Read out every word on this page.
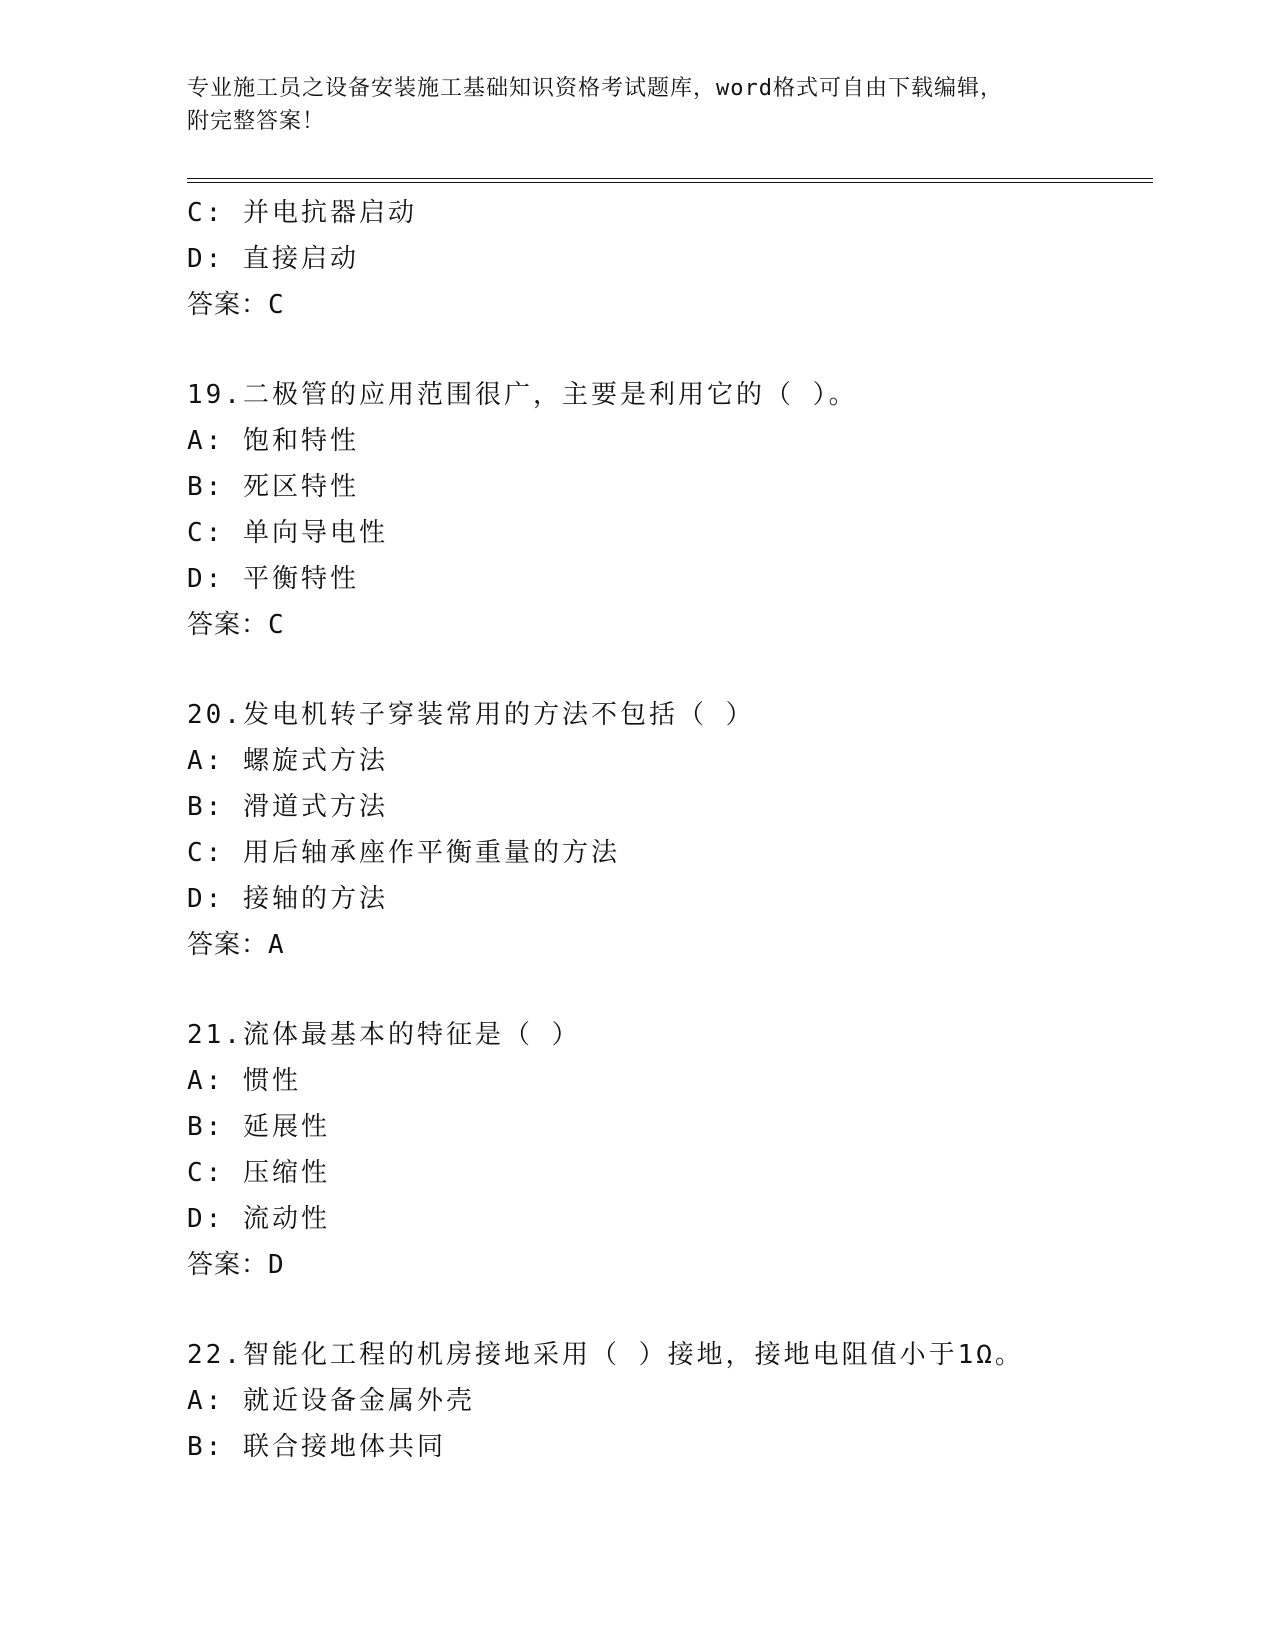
专业施工员之设备安装施工基础知识资格考试题库，word格式可自由下载编辑，
附完整答案！
C: 并电抗器启动
D: 直接启动
答案：C
19.二极管的应用范围很广，主要是利用它的（ ）。
A: 饱和特性
B: 死区特性
C: 单向导电性
D: 平衡特性
答案：C
20.发电机转子穿装常用的方法不包括（ ）
A: 螺旋式方法
B: 滑道式方法
C: 用后轴承座作平衡重量的方法
D: 接轴的方法
答案：A
21.流体最基本的特征是（ ）
A: 惯性
B: 延展性
C: 压缩性
D: 流动性
答案：D
22.智能化工程的机房接地采用（ ）接地，接地电阻值小于1Ω。
A: 就近设备金属外壳
B: 联合接地体共同
